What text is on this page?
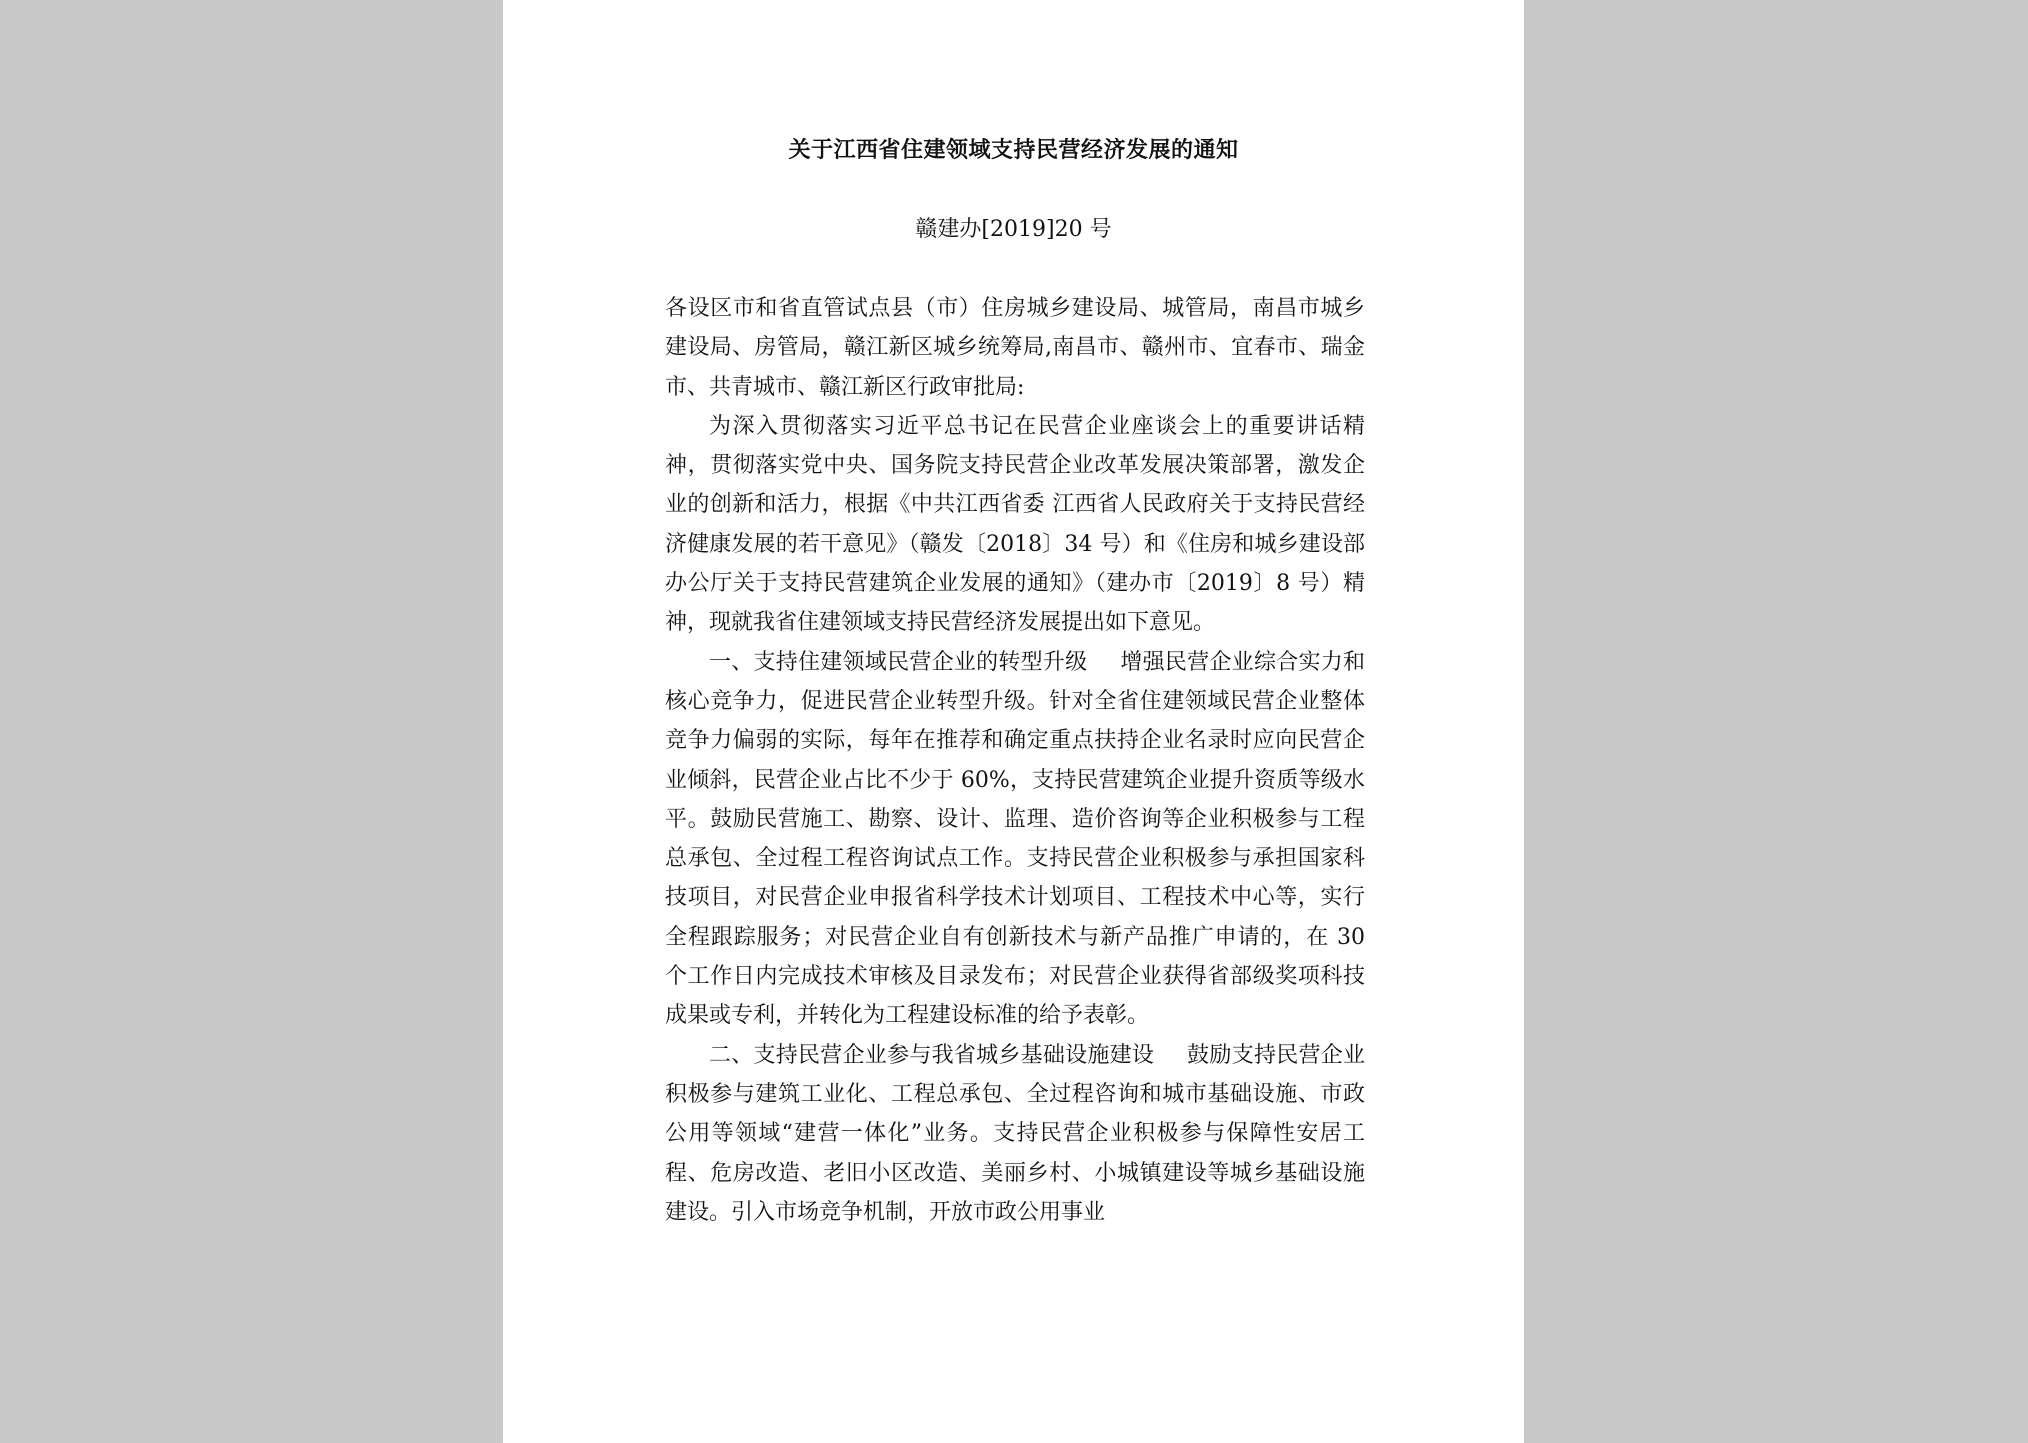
关于江西省住建领域支持民营经济发展的通知

赣建办[2019]20 号

各设区市和省直管试点县（市）住房城乡建设局、城管局，南昌市城乡建设局、房管局，赣江新区城乡统筹局,南昌市、赣州市、宜春市、瑞金市、共青城市、赣江新区行政审批局:

为深入贯彻落实习近平总书记在民营企业座谈会上的重要讲话精神，贯彻落实党中央、国务院支持民营企业改革发展决策部署，激发企业的创新和活力，根据《中共江西省委 江西省人民政府关于支持民营经济健康发展的若干意见》（赣发〔2018〕34 号）和《住房和城乡建设部办公厅关于支持民营建筑企业发展的通知》（建办市〔2019〕8 号）精神，现就我省住建领域支持民营经济发展提出如下意见。

一、支持住建领域民营企业的转型升级 增强民营企业综合实力和核心竞争力，促进民营企业转型升级。针对全省住建领域民营企业整体竞争力偏弱的实际，每年在推荐和确定重点扶持企业名录时应向民营企业倾斜，民营企业占比不少于 60%，支持民营建筑企业提升资质等级水平。鼓励民营施工、勘察、设计、监理、造价咨询等企业积极参与工程总承包、全过程工程咨询试点工作。支持民营企业积极参与承担国家科技项目，对民营企业申报省科学技术计划项目、工程技术中心等，实行全程跟踪服务；对民营企业自有创新技术与新产品推广申请的，在 30 个工作日内完成技术审核及目录发布；对民营企业获得省部级奖项科技成果或专利，并转化为工程建设标准的给予表彰。

二、支持民营企业参与我省城乡基础设施建设 鼓励支持民营企业积极参与建筑工业化、工程总承包、全过程咨询和城市基础设施、市政公用等领域“建营一体化”业务。支持民营企业积极参与保障性安居工程、危房改造、老旧小区改造、美丽乡村、小城镇建设等城乡基础设施建设。引入市场竞争机制，开放市政公用事业
